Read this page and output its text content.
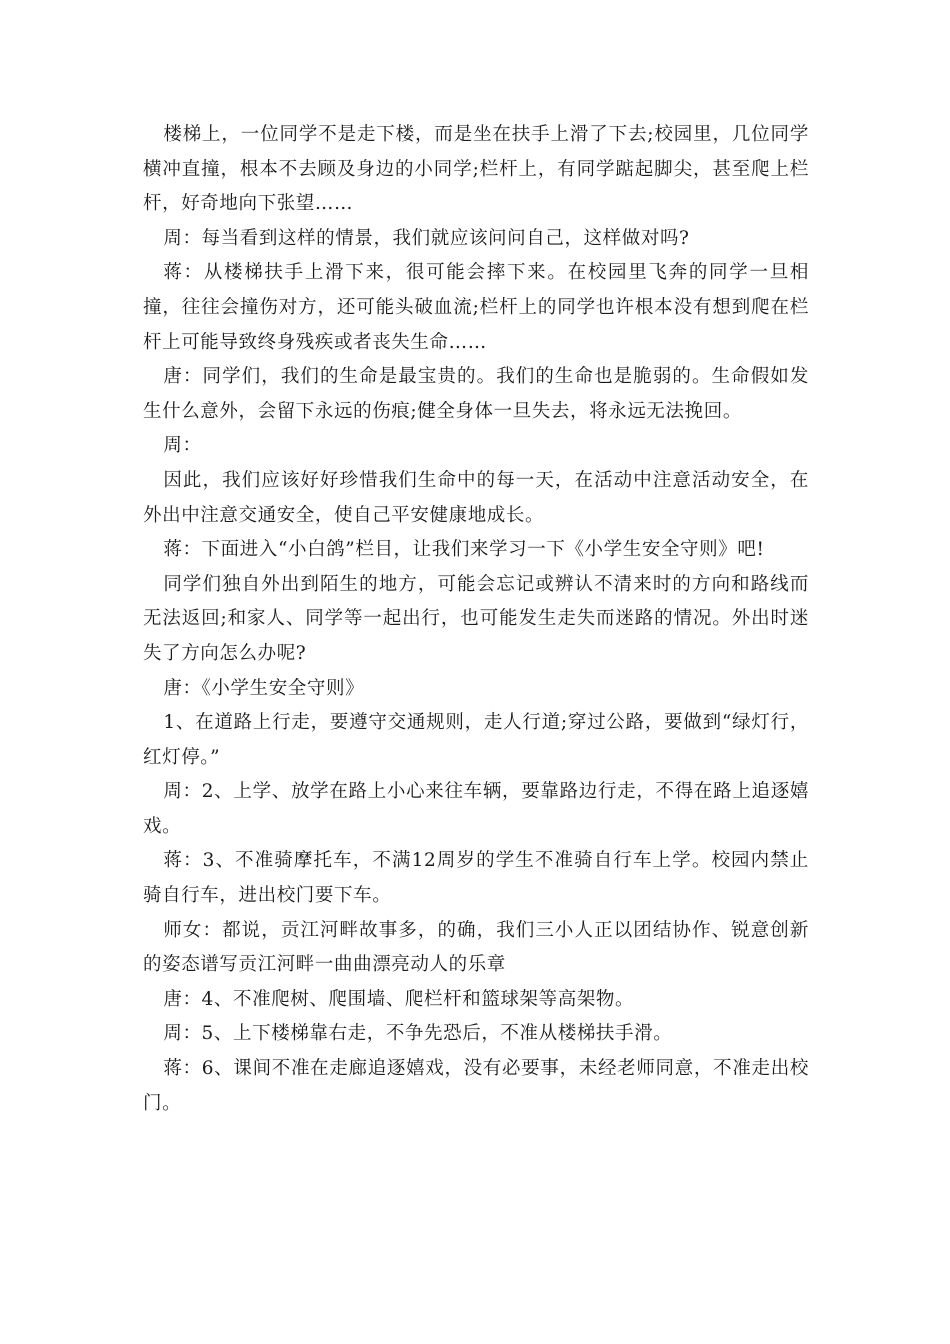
楼梯上，一位同学不是走下楼，而是坐在扶手上滑了下去;校园里，几位同学横冲直撞，根本不去顾及身边的小同学;栏杆上，有同学踮起脚尖，甚至爬上栏杆，好奇地向下张望……

周：每当看到这样的情景，我们就应该问问自己，这样做对吗?

蒋：从楼梯扶手上滑下来，很可能会摔下来。在校园里飞奔的同学一旦相撞，往往会撞伤对方，还可能头破血流;栏杆上的同学也许根本没有想到爬在栏杆上可能导致终身残疾或者丧失生命……

唐：同学们，我们的生命是最宝贵的。我们的生命也是脆弱的。生命假如发生什么意外，会留下永远的伤痕;健全身体一旦失去，将永远无法挽回。

周：

因此，我们应该好好珍惜我们生命中的每一天，在活动中注意活动安全，在外出中注意交通安全，使自己平安健康地成长。

蒋：下面进入“小白鸽”栏目，让我们来学习一下《小学生安全守则》吧!

同学们独自外出到陌生的地方，可能会忘记或辨认不清来时的方向和路线而无法返回;和家人、同学等一起出行，也可能发生走失而迷路的情况。外出时迷失了方向怎么办呢?

唐：《小学生安全守则》

1、在道路上行走，要遵守交通规则，走人行道;穿过公路，要做到“绿灯行，红灯停。”

周：2、上学、放学在路上小心来往车辆，要靠路边行走，不得在路上追逐嬉戏。

蒋：3、不准骑摩托车，不满12周岁的学生不准骑自行车上学。校园内禁止骑自行车，进出校门要下车。

师女：都说，贡江河畔故事多，的确，我们三小人正以团结协作、锐意创新的姿态谱写贡江河畔一曲曲漂亮动人的乐章

唐：4、不准爬树、爬围墙、爬栏杆和篮球架等高架物。

周：5、上下楼梯靠右走，不争先恐后，不准从楼梯扶手滑。

蒋：6、课间不准在走廊追逐嬉戏，没有必要事，未经老师同意，不准走出校门。
